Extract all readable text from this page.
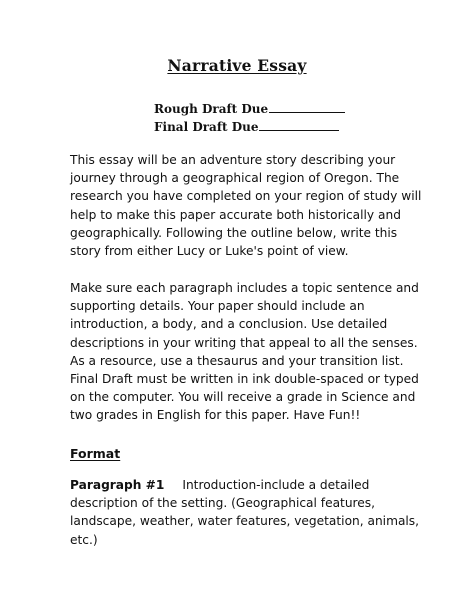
Narrative Essay
Rough Draft Due
Final Draft Due
This essay will be an adventure story describing your
journey through a geographical region of Oregon. The
research you have completed on your region of study will
help to make this paper accurate both historically and
geographically. Following the outline below, write this
story from either Lucy or Luke's point of view.
Make sure each paragraph includes a topic sentence and
supporting details. Your paper should include an
introduction, a body, and a conclusion. Use detailed
descriptions in your writing that appeal to all the senses.
As a resource, use a thesaurus and your transition list.
Final Draft must be written in ink double-spaced or typed
on the computer. You will receive a grade in Science and
two grades in English for this paper. Have Fun!!
Format
Paragraph #1 Introduction-include a detailed
description of the setting. (Geographical features,
landscape, weather, water features, vegetation, animals,
etc.)
